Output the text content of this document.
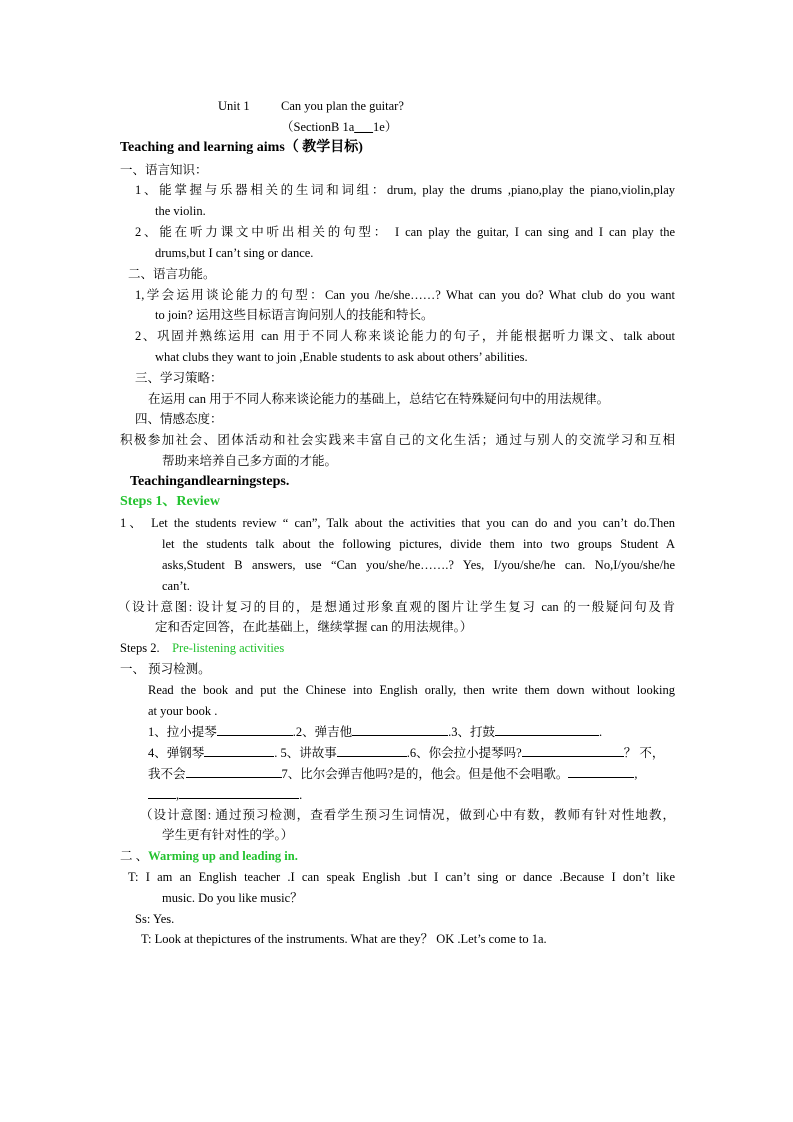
Unit 1	Can you plan the guitar?
（SectionB 1a___1e）
Teaching and learning aims（ 教学目标)
一、语言知识：
1、能掌握与乐器相关的生词和词组：drum, play the drums ,piano,play the piano,violin,play
the violin.
2、能在听力课文中听出相关的句型： I can play the guitar, I can sing and I can play the
drums,but I can’t sing or dance.
二、语言功能。
1,学会运用谈论能力的句型：Can you /he/she……? What can you do? What club do you want
to join? 运用这些目标语言询问别人的技能和特长。
2、巩固并熟练运用 can 用于不同人称来谈论能力的句子，并能根据听力课文、talk about
what clubs they want to join ,Enable students to ask about others’ abilities.
三、学习策略：
在运用 can 用于不同人称来谈论能力的基础上，总结它在特殊疑问句中的用法规律。
四、情感态度：
积极参加社会、团体活动和社会实践来丰富自己的文化生活；通过与别人的交流学习和互相
帮助来培养自己多方面的才能。
Teachingandlearningsteps.
Steps 1、Review
1、 Let the students review “ can”, Talk about the activities that you can do and you can’t do.Then
let the students talk about the following pictures, divide them into two groups Student A
asks,Student B answers, use “Can you/she/he…….? Yes, I/you/she/he can. No,I/you/she/he
can’t.
（设计意图: 设计复习的目的，是想通过形象直观的图片让学生复习 can 的一般疑问句及肯
定和否定回答，在此基础上，继续掌握 can 的用法规律。）
Steps 2. Pre-listening activities
一、 预习检测。
Read the book and put the Chinese into English orally, then write them down without looking
at your book .
1、拉小提琴	.2、弹吉他	.3、打鼓	.
4、弹钢琴	. 5、讲故事	.6、你会拉小提琴吗?	？ 不，
我不会	7、比尔会弹吉他吗?是的，他会。但是他不会唱歌。	,
,	.
（设计意图: 通过预习检测，查看学生预习生词情况，做到心中有数，教师有针对性地教，
学生更有针对性的学。）
二 、Warming up and leading in.
T: I am an English teacher .I can speak English .but I can’t sing or dance .Because I don’t like
music. Do you like music？
Ss: Yes.
T: Look at thepictures of the instruments. What are they？ OK .Let’s come to 1a.
